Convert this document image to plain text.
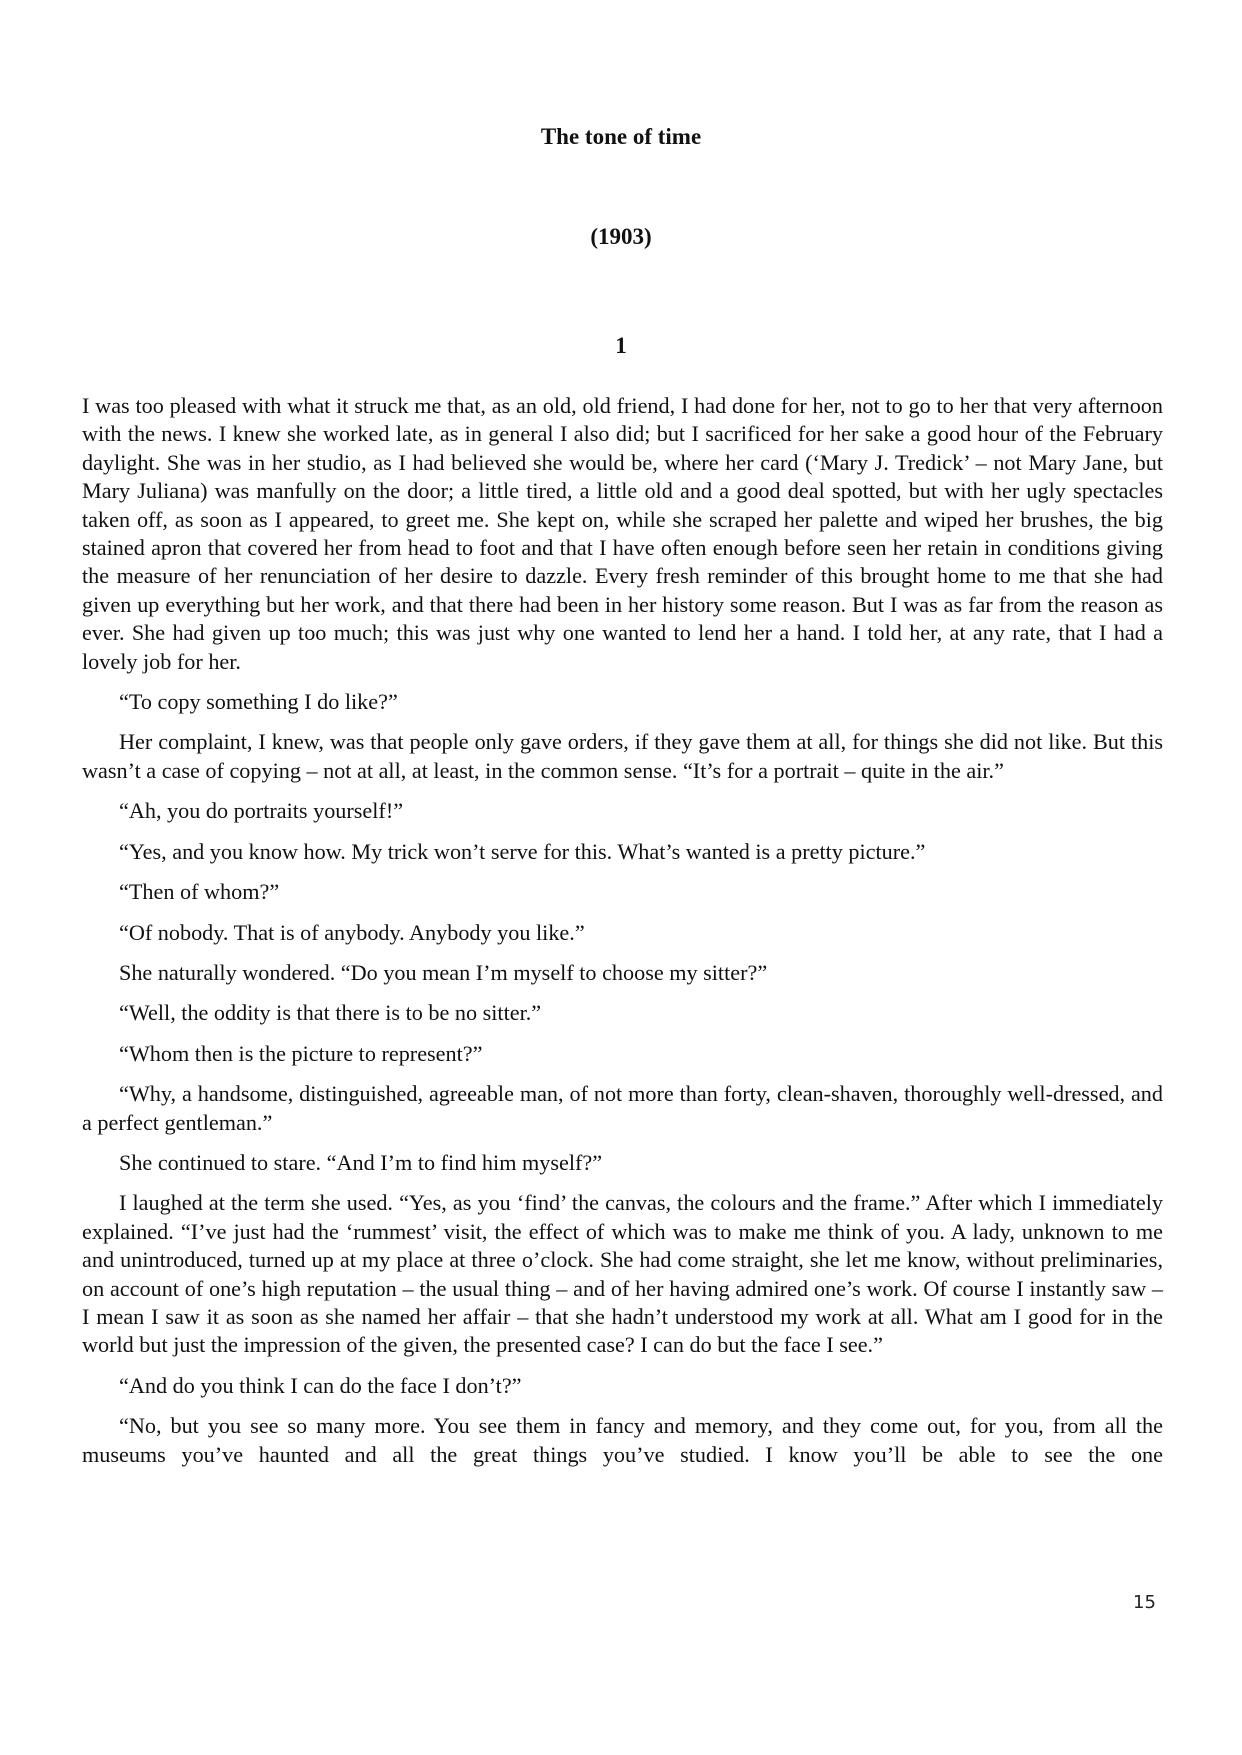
The tone of time
(1903)
1

I was too pleased with what it struck me that, as an old, old friend, I had done for her, not to go to her that very afternoon with the news. I knew she worked late, as in general I also did; but I sacrificed for her sake a good hour of the February daylight. She was in her studio, as I had believed she would be, where her card (‘Mary J. Tredick’ – not Mary Jane, but Mary Juliana) was manfully on the door; a little tired, a little old and a good deal spotted, but with her ugly spectacles taken off, as soon as I appeared, to greet me. She kept on, while she scraped her palette and wiped her brushes, the big stained apron that covered her from head to foot and that I have often enough before seen her retain in conditions giving the measure of her renunciation of her desire to dazzle. Every fresh reminder of this brought home to me that she had given up everything but her work, and that there had been in her history some reason. But I was as far from the reason as ever. She had given up too much; this was just why one wanted to lend her a hand. I told her, at any rate, that I had a lovely job for her.

“To copy something I do like?”

Her complaint, I knew, was that people only gave orders, if they gave them at all, for things she did not like. But this wasn’t a case of copying – not at all, at least, in the common sense. “It’s for a portrait – quite in the air.”

“Ah, you do portraits yourself!”

“Yes, and you know how. My trick won’t serve for this. What’s wanted is a pretty picture.”

“Then of whom?”

“Of nobody. That is of anybody. Anybody you like.”

She naturally wondered. “Do you mean I’m myself to choose my sitter?”

“Well, the oddity is that there is to be no sitter.”

“Whom then is the picture to represent?”

“Why, a handsome, distinguished, agreeable man, of not more than forty, clean-shaven, thoroughly well-dressed, and a perfect gentleman.”

She continued to stare. “And I’m to find him myself?”

I laughed at the term she used. “Yes, as you ‘find’ the canvas, the colours and the frame.” After which I immediately explained. “I’ve just had the ‘rummest’ visit, the effect of which was to make me think of you. A lady, unknown to me and unintroduced, turned up at my place at three o’clock. She had come straight, she let me know, without preliminaries, on account of one’s high reputation – the usual thing – and of her having admired one’s work. Of course I instantly saw – I mean I saw it as soon as she named her affair – that she hadn’t understood my work at all. What am I good for in the world but just the impression of the given, the presented case? I can do but the face I see.”

“And do you think I can do the face I don’t?”

“No, but you see so many more. You see them in fancy and memory, and they come out, for you, from all the museums you’ve haunted and all the great things you’ve studied. I know you’ll be able to see the one

15
